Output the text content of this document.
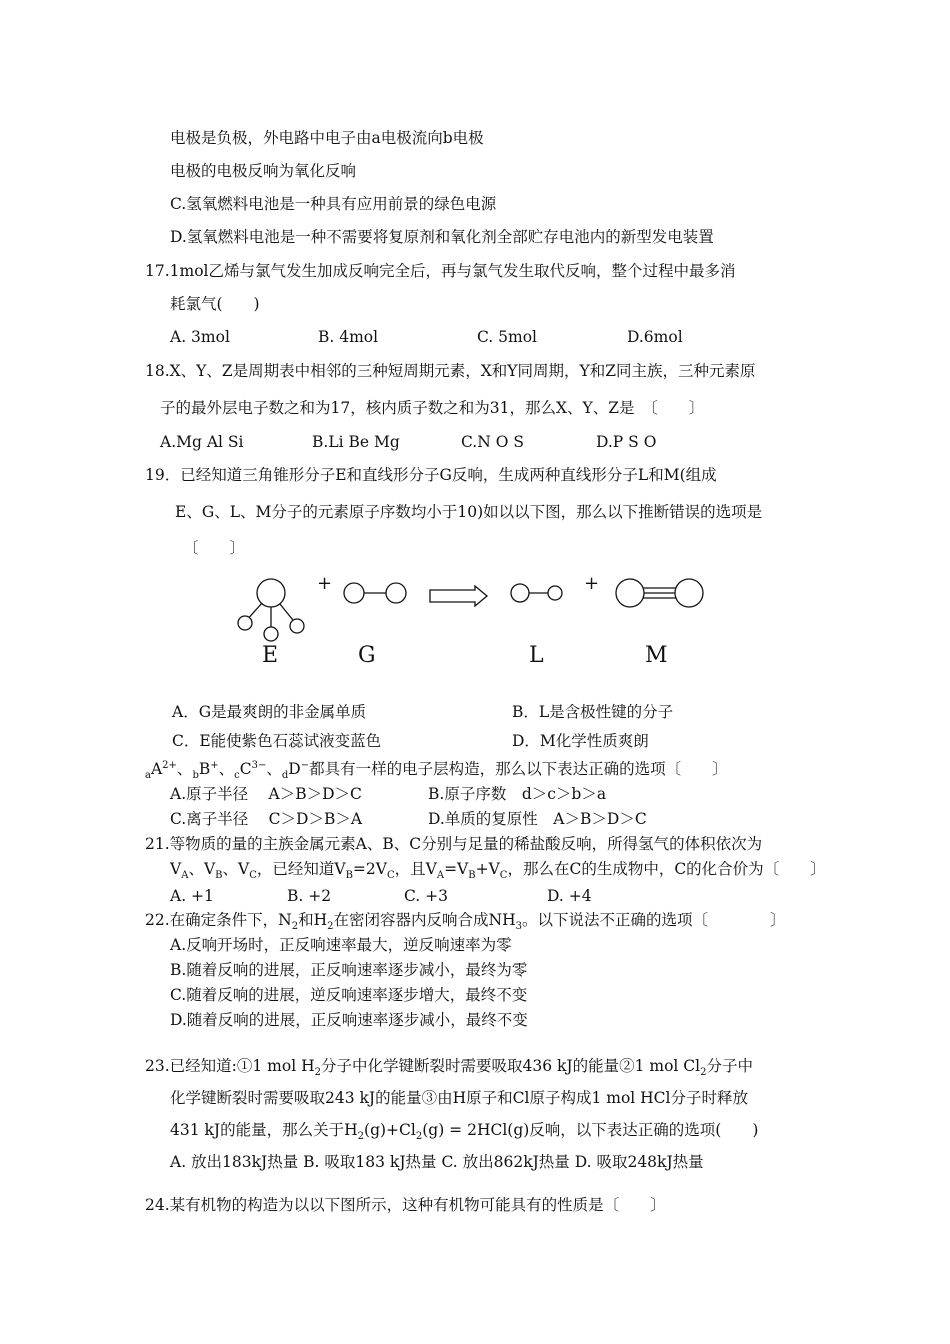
电极是负极，外电路中电子由a电极流向b电极
电极的电极反响为氧化反响
C.氢氧燃料电池是一种具有应用前景的绿色电源
D.氢氧燃料电池是一种不需要将复原剂和氧化剂全部贮存电池内的新型发电装置
17.1mol乙烯与氯气发生加成反响完全后，再与氯气发生取代反响，整个过程中最多消
耗氯气(　　)
A. 3mol	B. 4mol	C. 5mol	D.6mol
18.X、Y、Z是周期表中相邻的三种短周期元素，X和Y同周期，Y和Z同主族，三种元素原
子的最外层电子数之和为17，核内质子数之和为31，那么X、Y、Z是　〔　　〕
A.Mg Al Si	B.Li Be Mg	C.N O S	D.P S O
19．已经知道三角锥形分子E和直线形分子G反响，生成两种直线形分子L和M(组成
E、G、L、M分子的元素原子序数均小于10)如以以下图，那么以下推断错误的选项是
〔　　〕
+	+
E	G	L	M
A．G是最爽朗的非金属单质	B．L是含极性键的分子
C．E能使紫色石蕊试液变蓝色	D．M化学性质爽朗
$_aA^{2+}$、$_b$B+、$_cC^{3-}$、$_d$D−都具有一样的电子层构造，那么以下表达正确的选项〔　　〕
A.原子半径　 A＞B＞D＞C	B.原子序数　d＞c＞b＞a
C.离子半径　 C＞D＞B＞A	D.单质的复原性　A＞B＞D＞C
21.等物质的量的主族金属元素A、B、C分别与足量的稀盐酸反响，所得氢气的体积依次为
$V_A$、$V_B$、$V_C$，已经知道$V_B=2V_C$，且$V_A=V_B+V_C$，那么在C的生成物中，C的化合价为〔　　〕
A. +1	B. +2	C. +3	D. +4
22.在确定条件下，$N_2$和$H_2$在密闭容器内反响合成$NH_3$。以下说法不正确的选项〔　　　　〕
A.反响开场时，正反响速率最大，逆反响速率为零
B.随着反响的进展，正反响速率逐步减小，最终为零
C.随着反响的进展，逆反响速率逐步增大，最终不变
D.随着反响的进展，正反响速率逐步减小，最终不变
23.已经知道:①1 mol $H_2$分子中化学键断裂时需要吸取436 kJ的能量②1 mol $Cl_2$分子中
化学键断裂时需要吸取243 kJ的能量③由H原子和Cl原子构成1 mol HCl分子时释放
431 kJ的能量，那么关于$H_2(g)+Cl_2(g) = 2HCl(g)$反响，以下表达正确的选项(　　)
A. 放出183kJ热量 B. 吸取183 kJ热量 C. 放出862kJ热量 D. 吸取248kJ热量
24.某有机物的构造为以以下图所示，这种有机物可能具有的性质是〔　　〕
